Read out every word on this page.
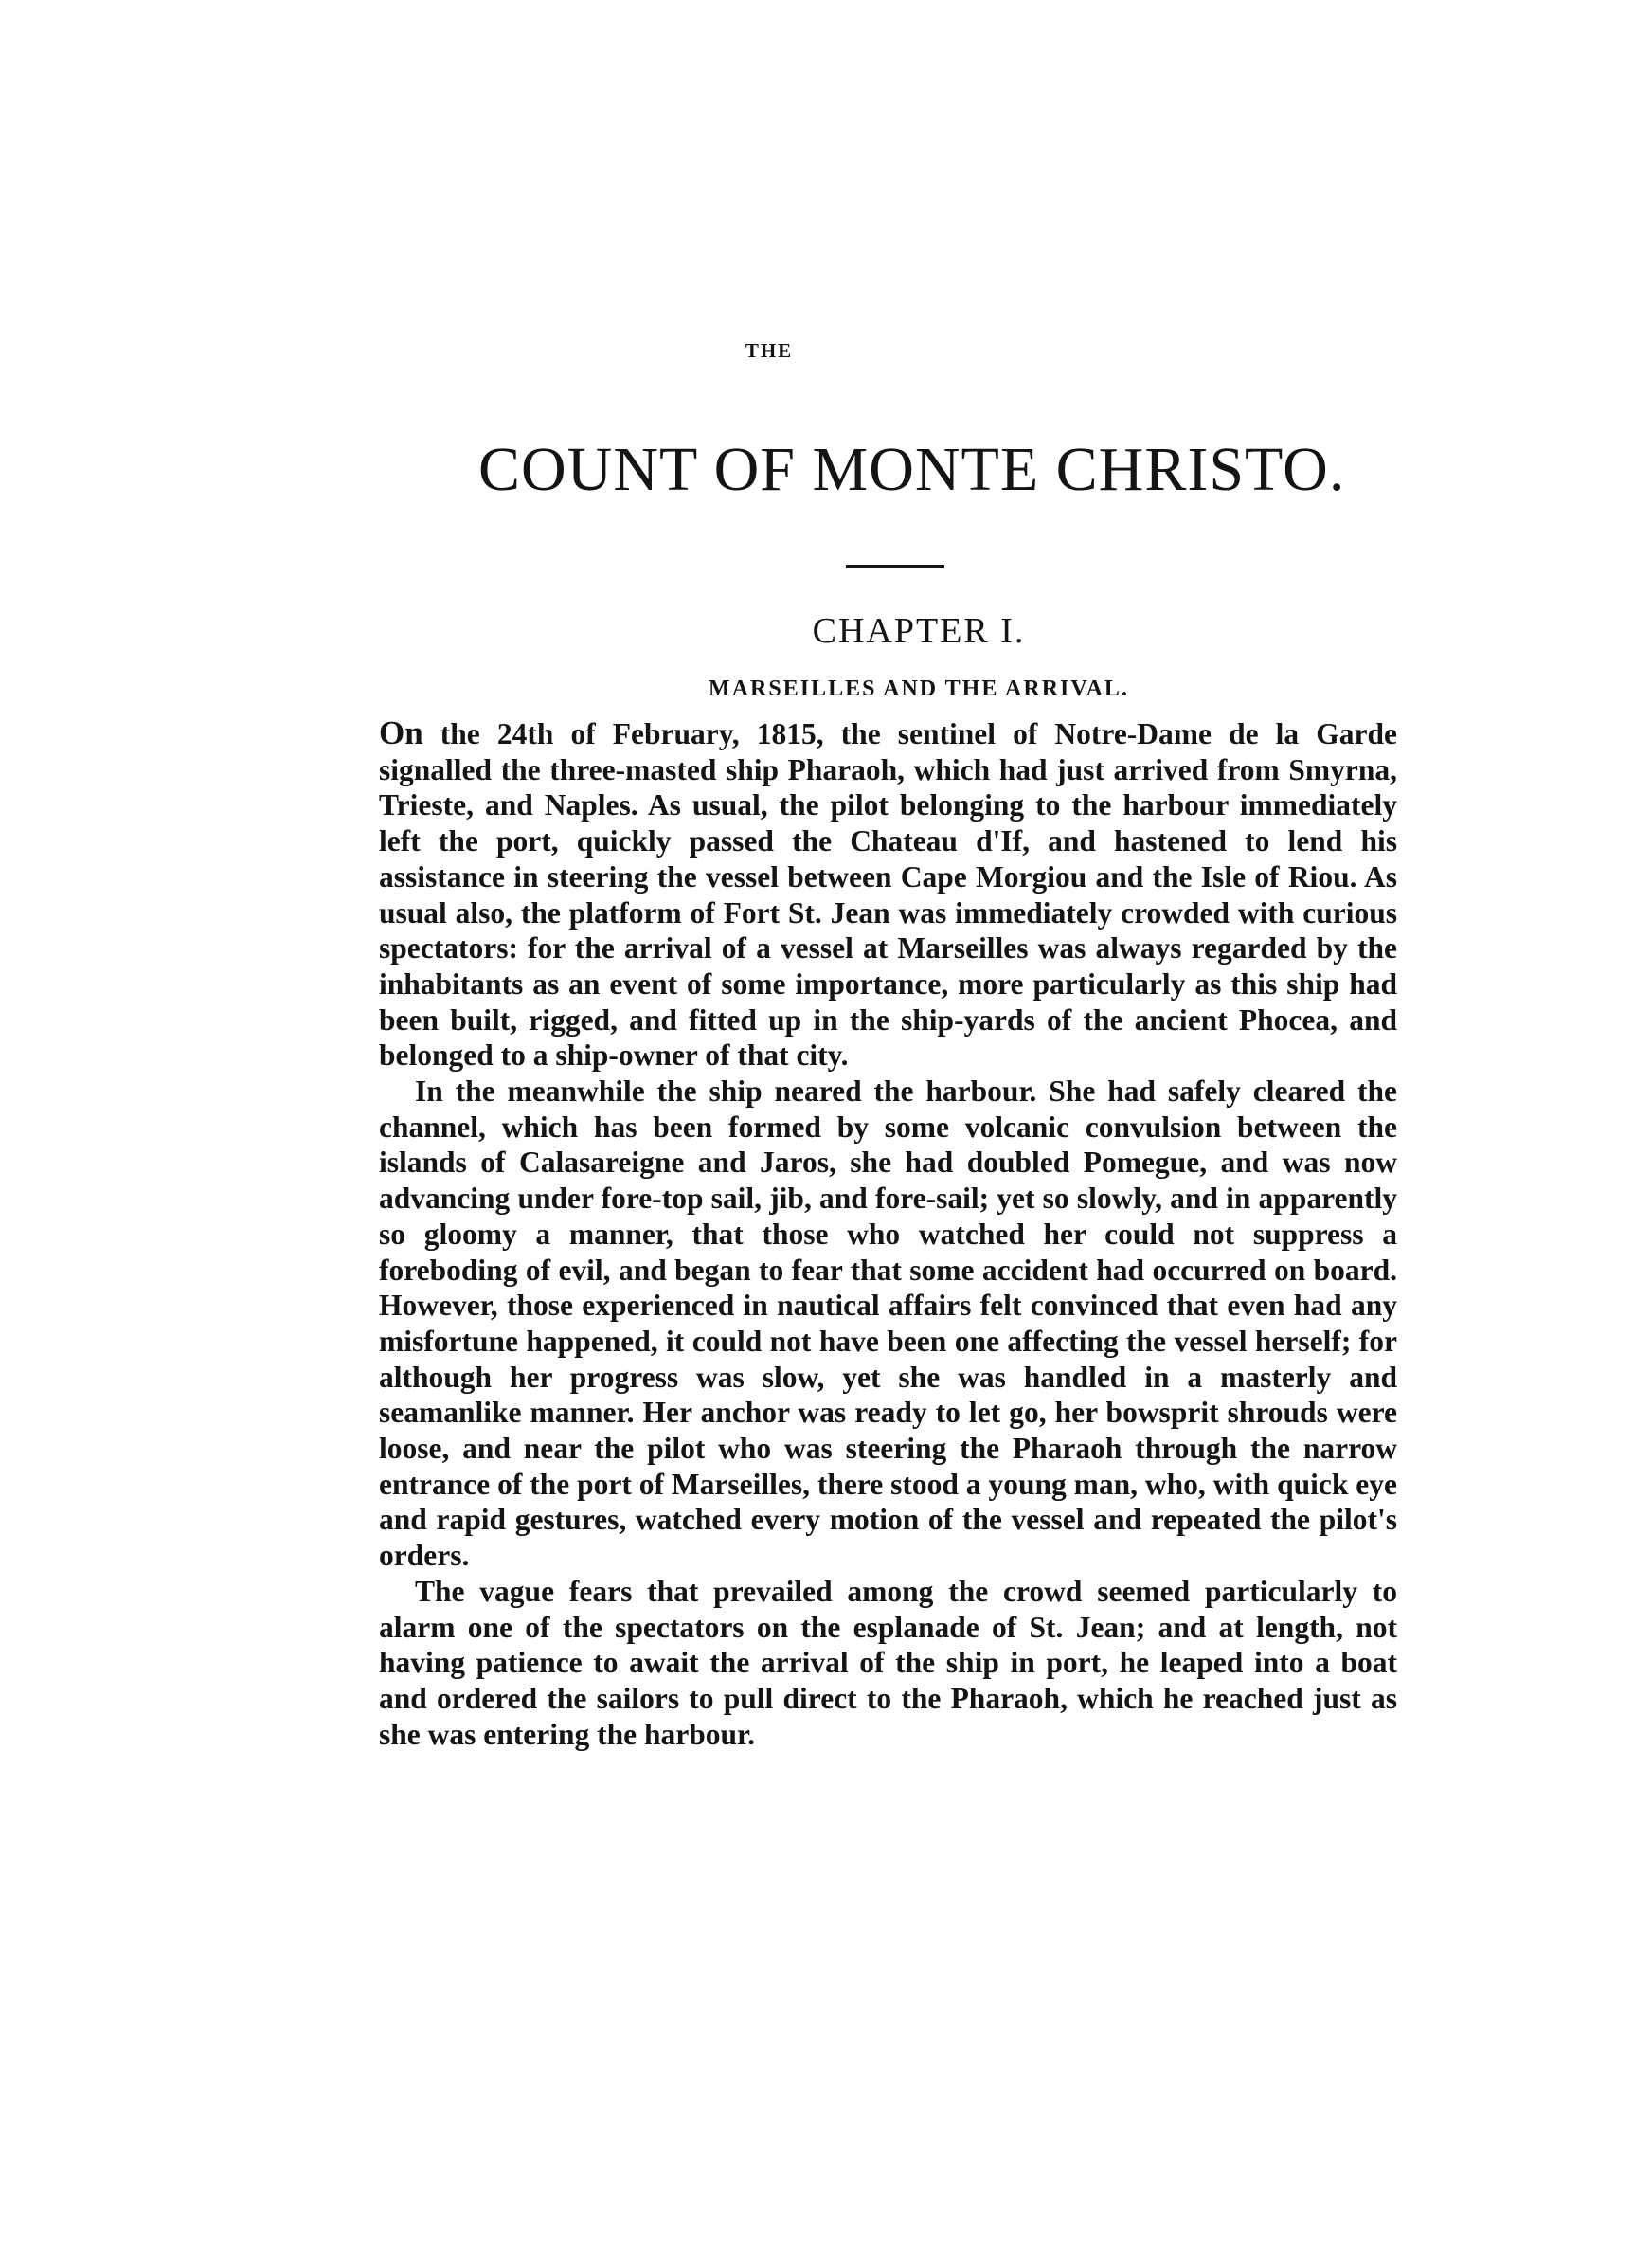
THE
COUNT OF MONTE CHRISTO.
CHAPTER I.
MARSEILLES AND THE ARRIVAL.

On the 24th of February, 1815, the sentinel of Notre-Dame de la Garde signalled the three-masted ship Pharaoh, which had just arrived from Smyrna, Trieste, and Naples. As usual, the pilot belonging to the harbour immediately left the port, quickly passed the Chateau d'If, and hastened to lend his assistance in steering the vessel between Cape Morgiou and the Isle of Riou. As usual also, the platform of Fort St. Jean was immediately crowded with curious spectators: for the arrival of a vessel at Marseilles was always regarded by the inhabitants as an event of some importance, more particularly as this ship had been built, rigged, and fitted up in the ship-yards of the ancient Phocea, and belonged to a ship-owner of that city.

In the meanwhile the ship neared the harbour. She had safely cleared the channel, which has been formed by some volcanic convulsion between the islands of Calasareigne and Jaros, she had doubled Pomegue, and was now advancing under fore-top sail, jib, and fore-sail; yet so slowly, and in apparently so gloomy a manner, that those who watched her could not suppress a foreboding of evil, and began to fear that some accident had occurred on board. However, those experienced in nautical affairs felt convinced that even had any misfortune happened, it could not have been one affecting the vessel herself; for although her progress was slow, yet she was handled in a masterly and seamanlike manner. Her anchor was ready to let go, her bowsprit shrouds were loose, and near the pilot who was steering the Pharaoh through the narrow entrance of the port of Marseilles, there stood a young man, who, with quick eye and rapid gestures, watched every motion of the vessel and repeated the pilot's orders.

The vague fears that prevailed among the crowd seemed particularly to alarm one of the spectators on the esplanade of St. Jean; and at length, not having patience to await the arrival of the ship in port, he leaped into a boat and ordered the sailors to pull direct to the Pharaoh, which he reached just as she was entering the harbour.
